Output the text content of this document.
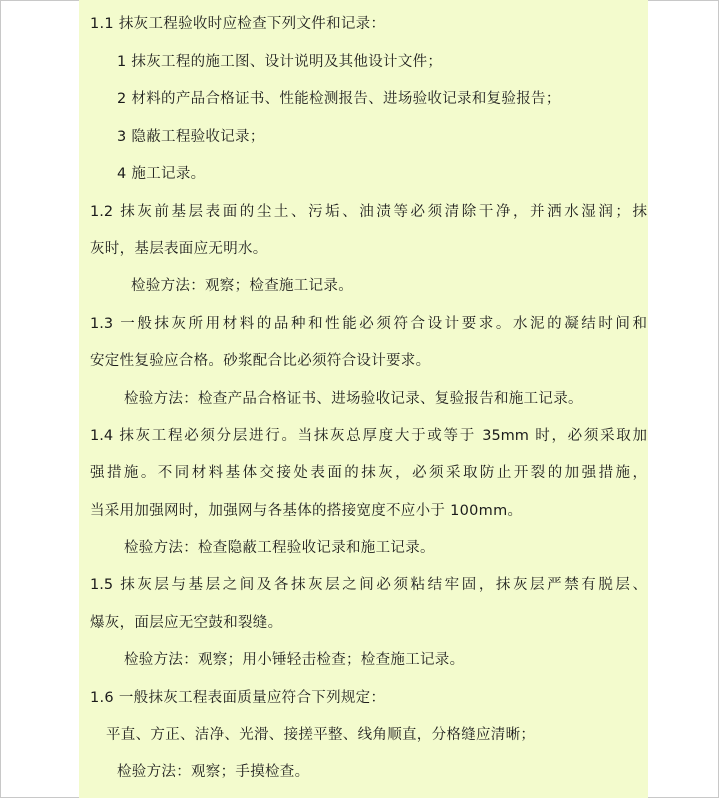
1.1 抹灰工程验收时应检查下列文件和记录：
1 抹灰工程的施工图、设计说明及其他设计文件；
2 材料的产品合格证书、性能检测报告、进场验收记录和复验报告；
3 隐蔽工程验收记录；
4 施工记录。
1.2 抹灰前基层表面的尘土、污垢、油渍等必须清除干净，并洒水湿润；抹
灰时，基层表面应无明水。
检验方法：观察；检查施工记录。
1.3 一般抹灰所用材料的品种和性能必须符合设计要求。水泥的凝结时间和
安定性复验应合格。砂浆配合比必须符合设计要求。
检验方法：检查产品合格证书、进场验收记录、复验报告和施工记录。
1.4 抹灰工程必须分层进行。当抹灰总厚度大于或等于 35mm 时，必须采取加
强措施。不同材料基体交接处表面的抹灰，必须采取防止开裂的加强措施，
当采用加强网时，加强网与各基体的搭接宽度不应小于 100mm。
检验方法：检查隐蔽工程验收记录和施工记录。
1.5 抹灰层与基层之间及各抹灰层之间必须粘结牢固，抹灰层严禁有脱层、
爆灰，面层应无空鼓和裂缝。
检验方法：观察；用小锤轻击检查；检查施工记录。
1.6 一般抹灰工程表面质量应符合下列规定：
平直、方正、洁净、光滑、接搓平整、线角顺直，分格缝应清晰；
检验方法：观察；手摸检查。
